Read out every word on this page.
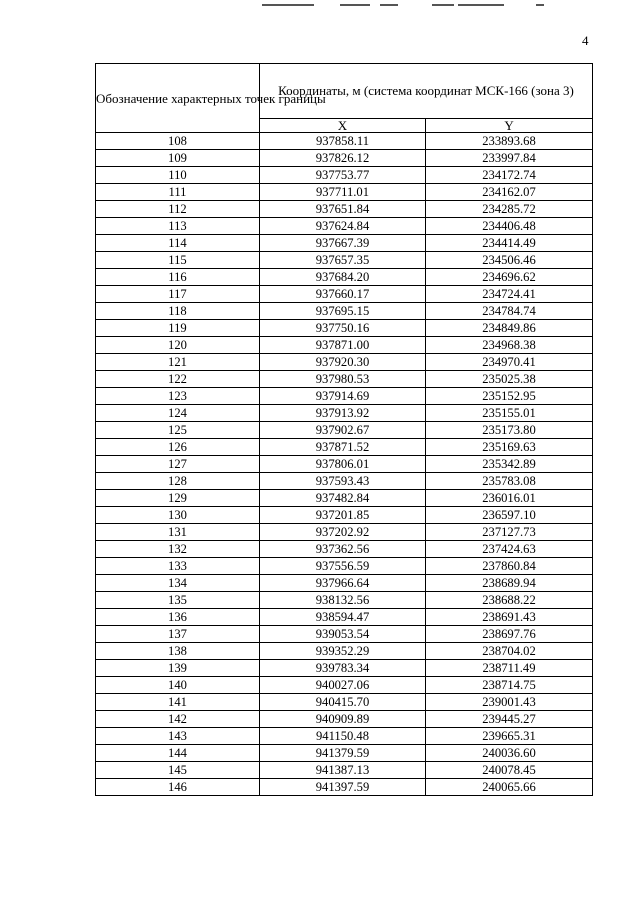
4
Обозначение характерных точек границы	Координаты, м (система координат МСК-166 (зона 3)	
	X	Y
108	937858.11	233893.68
109	937826.12	233997.84
110	937753.77	234172.74
111	937711.01	234162.07
112	937651.84	234285.72
113	937624.84	234406.48
114	937667.39	234414.49
115	937657.35	234506.46
116	937684.20	234696.62
117	937660.17	234724.41
118	937695.15	234784.74
119	937750.16	234849.86
120	937871.00	234968.38
121	937920.30	234970.41
122	937980.53	235025.38
123	937914.69	235152.95
124	937913.92	235155.01
125	937902.67	235173.80
126	937871.52	235169.63
127	937806.01	235342.89
128	937593.43	235783.08
129	937482.84	236016.01
130	937201.85	236597.10
131	937202.92	237127.73
132	937362.56	237424.63
133	937556.59	237860.84
134	937966.64	238689.94
135	938132.56	238688.22
136	938594.47	238691.43
137	939053.54	238697.76
138	939352.29	238704.02
139	939783.34	238711.49
140	940027.06	238714.75
141	940415.70	239001.43
142	940909.89	239445.27
143	941150.48	239665.31
144	941379.59	240036.60
145	941387.13	240078.45
146	941397.59	240065.66
